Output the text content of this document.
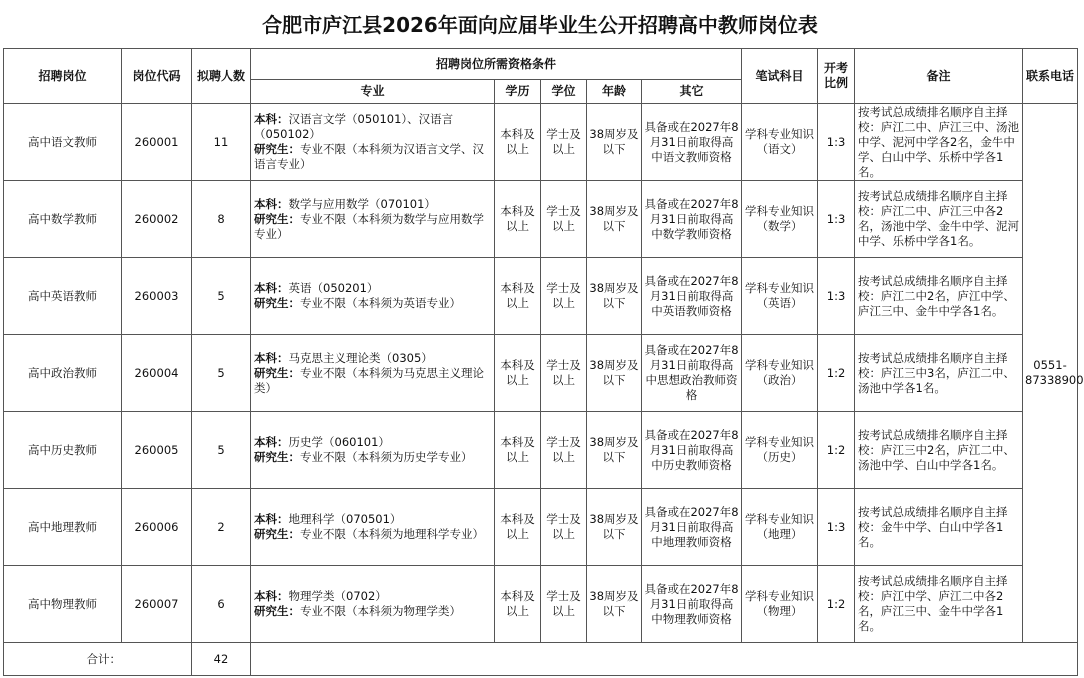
合肥市庐江县2026年面向应届毕业生公开招聘高中教师岗位表
招聘岗位	岗位代码	拟聘人数	招聘岗位所需资格条件					笔试科目	开考比例	备注	联系电话
			专业	学历	学位	年龄	其它				
高中语文教师	260001	11	本科：汉语言文学（050101）、汉语言（050102）
研究生：专业不限（本科须为汉语言文学、汉语言专业）	本科及以上	学士及以上	38周岁及以下	具备或在2027年8月31日前取得高中语文教师资格	学科专业知识（语文）	1:3	按考试总成绩排名顺序自主择校：庐江二中、庐江三中、汤池中学、泥河中学各2名，金牛中学、白山中学、乐桥中学各1名。	0551-87338900
高中数学教师	260002	8	本科：数学与应用数学（070101）
研究生：专业不限（本科须为数学与应用数学专业）	本科及以上	学士及以上	38周岁及以下	具备或在2027年8月31日前取得高中数学教师资格	学科专业知识（数学）	1:3	按考试总成绩排名顺序自主择校：庐江二中、庐江三中各2名，汤池中学、金牛中学、泥河中学、乐桥中学各1名。	
高中英语教师	260003	5	本科：英语（050201）
研究生：专业不限（本科须为英语专业）	本科及以上	学士及以上	38周岁及以下	具备或在2027年8月31日前取得高中英语教师资格	学科专业知识（英语）	1:3	按考试总成绩排名顺序自主择校：庐江二中2名，庐江中学、庐江三中、金牛中学各1名。	
高中政治教师	260004	5	本科：马克思主义理论类（0305）
研究生：专业不限（本科须为马克思主义理论类）	本科及以上	学士及以上	38周岁及以下	具备或在2027年8月31日前取得高中思想政治教师资格	学科专业知识（政治）	1:2	按考试总成绩排名顺序自主择校：庐江三中3名，庐江二中、汤池中学各1名。	
高中历史教师	260005	5	本科：历史学（060101）
研究生：专业不限（本科须为历史学专业）	本科及以上	学士及以上	38周岁及以下	具备或在2027年8月31日前取得高中历史教师资格	学科专业知识（历史）	1:2	按考试总成绩排名顺序自主择校：庐江三中2名，庐江二中、汤池中学、白山中学各1名。	
高中地理教师	260006	2	本科：地理科学（070501）
研究生：专业不限（本科须为地理科学专业）	本科及以上	学士及以上	38周岁及以下	具备或在2027年8月31日前取得高中地理教师资格	学科专业知识（地理）	1:3	按考试总成绩排名顺序自主择校：金牛中学、白山中学各1名。	
高中物理教师	260007	6	本科：物理学类（0702）
研究生：专业不限（本科须为物理学类）	本科及以上	学士及以上	38周岁及以下	具备或在2027年8月31日前取得高中物理教师资格	学科专业知识（物理）	1:2	按考试总成绩排名顺序自主择校：庐江中学、庐江二中各2名，庐江三中、金牛中学各1名。	
合计：		42									
